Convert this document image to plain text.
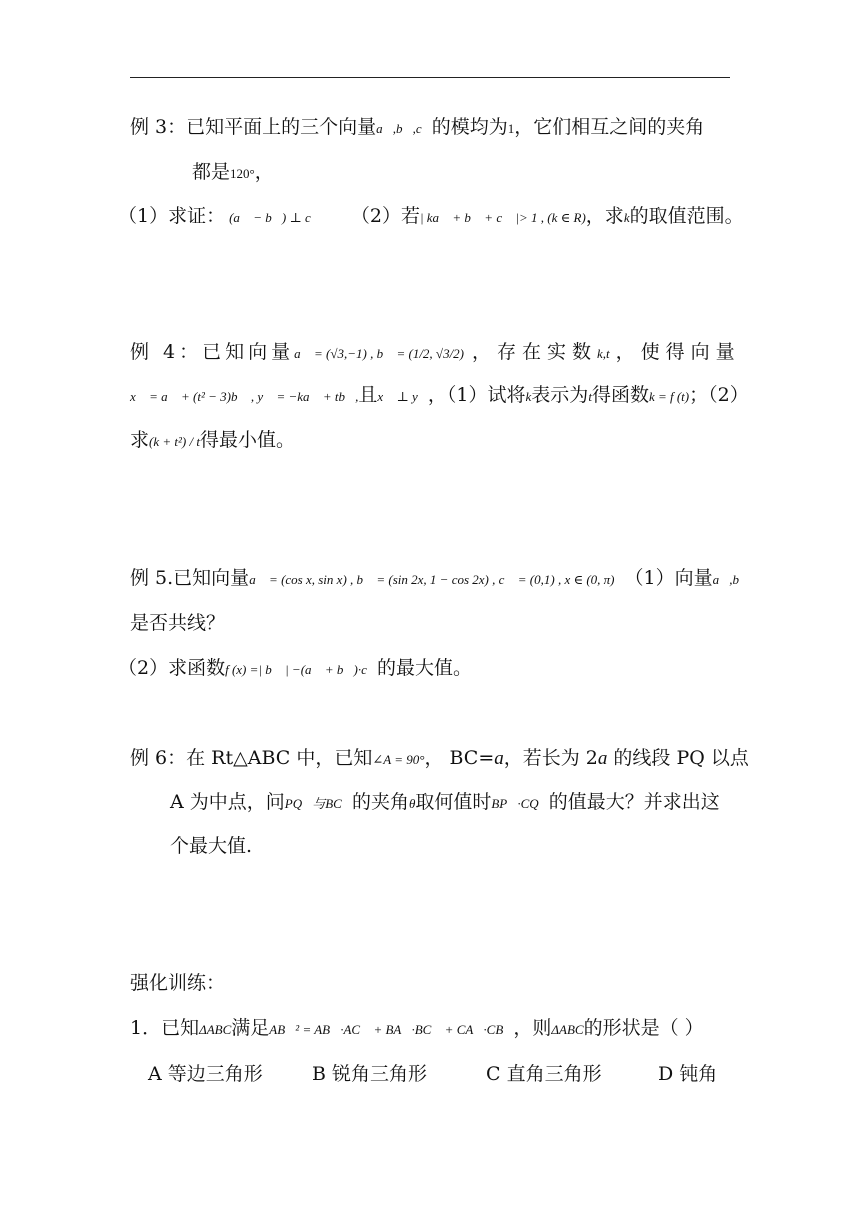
例 3：已知平面上的三个向量a⃗,b⃗,c⃗的模均为1，它们相互之间的夹角
都是120°，
（1）求证： (a⃗ − b⃗) ⊥ c⃗ （2）若| ka⃗ + b⃗ + c⃗ |> 1 , (k ∈ R)，求k的取值范围。
例 4：已知向量a⃗ = (√3,−1) , b⃗ = (1/2, √3/2) ，存在实数k,t ，使得向量
x⃗ = a⃗ + (t² − 3)b⃗ , y⃗ = −ka⃗ + tb⃗,且x⃗ ⊥ y⃗，（1）试将k表示为t得函数k = f (t)；（2）
求(k + t²) / t得最小值。
例 5.已知向量a⃗ = (cos x, sin x) , b⃗ = (sin 2x, 1 − cos 2x) , c⃗ = (0,1) , x ∈ (0, π) （1）向量a⃗,b⃗
是否共线？
（2）求函数f (x) =| b⃗ | −(a⃗ + b⃗)·c⃗的最大值。
例 6：在 Rt△ABC 中，已知∠A = 90°， BC=a，若长为 2a 的线段 PQ 以点
A 为中点，问PQ⃗与BC⃗的夹角θ取何值时BP⃗·CQ⃗的值最大？并求出这
个最大值.
强化训练：
1．已知ΔABC满足AB⃗² = AB⃗·AC⃗ + BA⃗·BC⃗ + CA⃗·CB⃗，则ΔABC的形状是（ ）
A 等边三角形	B 锐角三角形	C 直角三角形	D 钝角
